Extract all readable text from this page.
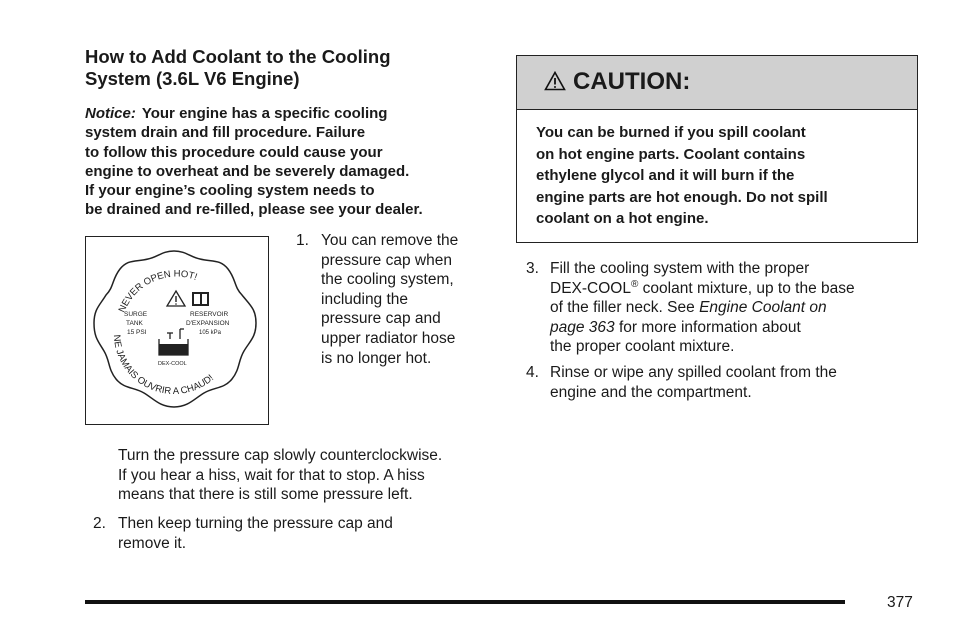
How to Add Coolant to the Cooling
System (3.6L V6 Engine)
Notice: Your engine has a specific cooling
system drain and fill procedure. Failure
to follow this procedure could cause your
engine to overheat and be severely damaged.
If your engine’s cooling system needs to
be drained and re-filled, please see your dealer.
NEVER OPEN HOT!
NE JAMAIS OUVRIR A CHAUD!
SURGE
TANK
15 PSI
RESERVOIR
D'EXPANSION
105 kPa
DEX-COOL
1. You can remove the
pressure cap when
the cooling system,
including the
pressure cap and
upper radiator hose
is no longer hot.
Turn the pressure cap slowly counterclockwise.
If you hear a hiss, wait for that to stop. A hiss
means that there is still some pressure left.
2. Then keep turning the pressure cap and
remove it.
CAUTION:
You can be burned if you spill coolant
on hot engine parts. Coolant contains
ethylene glycol and it will burn if the
engine parts are hot enough. Do not spill
coolant on a hot engine.
3. Fill the cooling system with the proper
DEX-COOL® coolant mixture, up to the base
of the filler neck. See Engine Coolant on
page 363 for more information about
the proper coolant mixture.
4. Rinse or wipe any spilled coolant from the
engine and the compartment.
377
